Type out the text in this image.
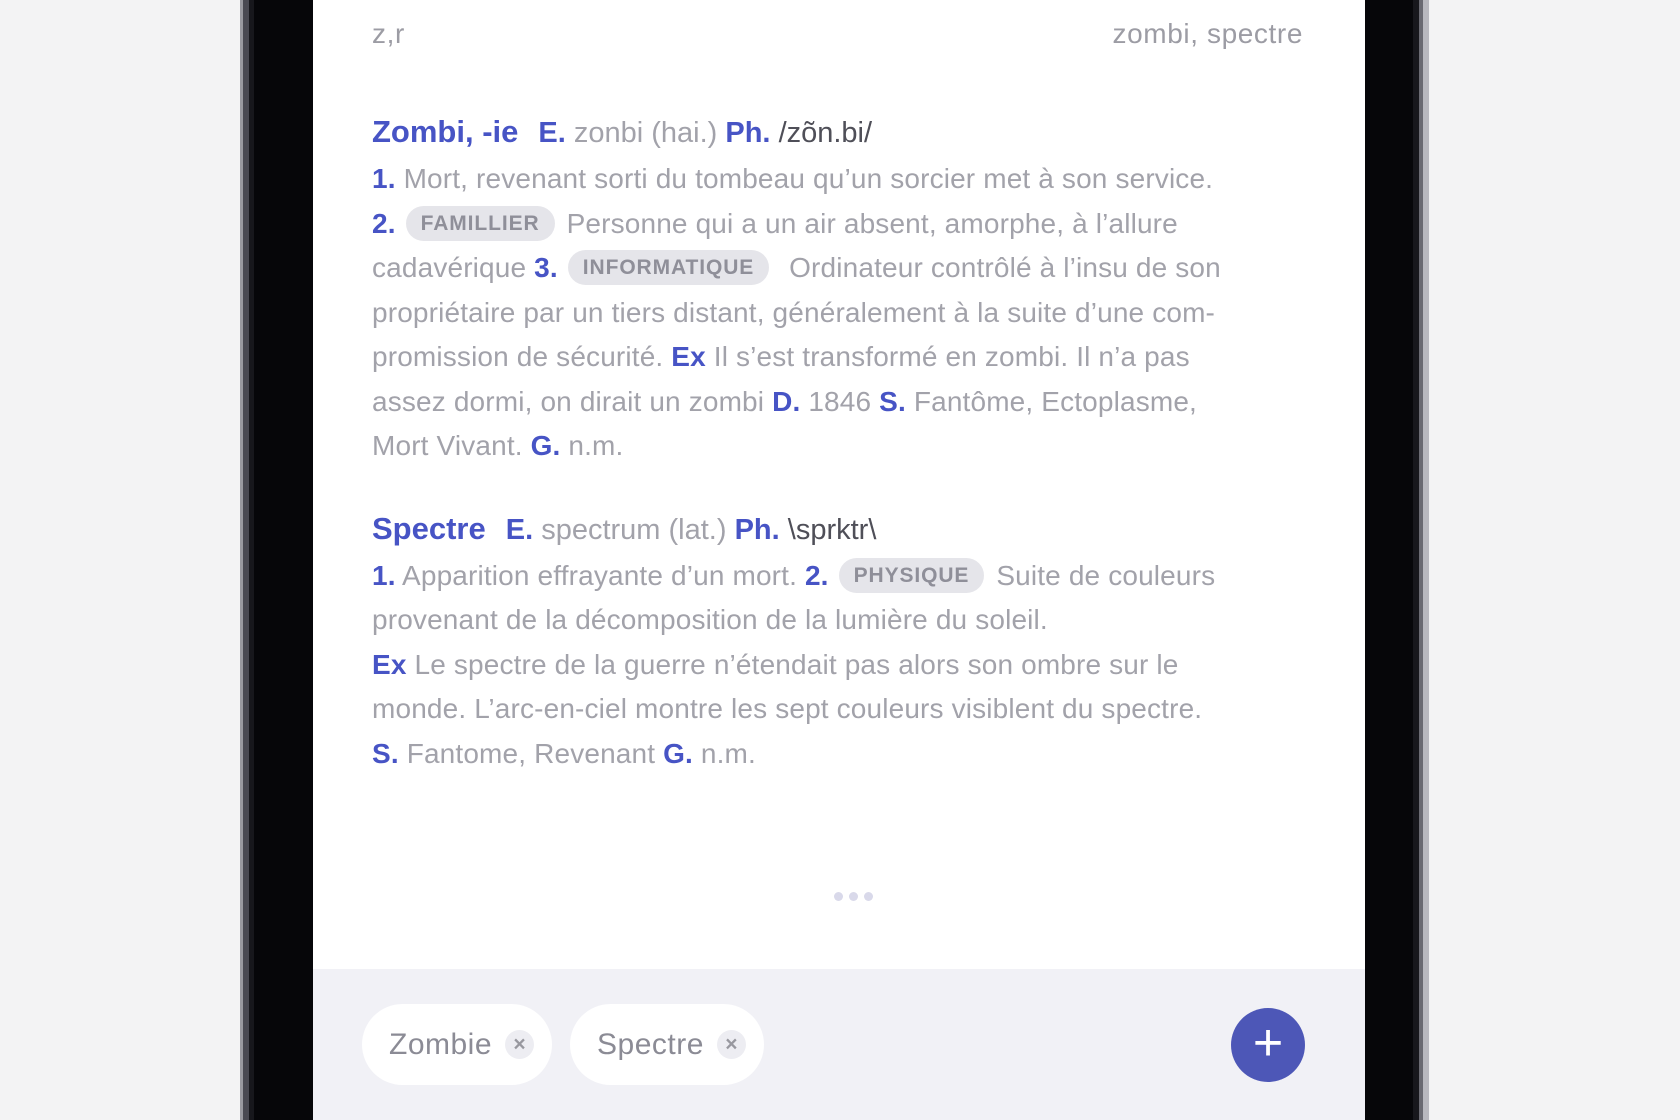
z,r	zombi, spectre
Zombi, -ie E. zonbi (hai.) Ph. /zõn.bi/
1. Mort, revenant sorti du tombeau qu’un sorcier met à son service.
2. FAMILLIER Personne qui a un air absent, amorphe, à l’allure
cadavérique 3. INFORMATIQUE Ordinateur contrôlé à l’insu de son
propriétaire par un tiers distant, généralement à la suite d’une com-
promission de sécurité. Ex Il s’est transformé en zombi. Il n’a pas
assez dormi, on dirait un zombi D. 1846 S. Fantôme, Ectoplasme,
Mort Vivant. G. n.m.
Spectre E. spectrum (lat.) Ph. \sprktr\
1. Apparition effrayante d’un mort. 2. PHYSIQUE Suite de couleurs
provenant de la décomposition de la lumière du soleil.
Ex Le spectre de la guerre n’étendait pas alors son ombre sur le
monde. L’arc-en-ciel montre les sept couleurs visiblent du spectre.
S. Fantome, Revenant G. n.m.
Zombie × Spectre ×	+
